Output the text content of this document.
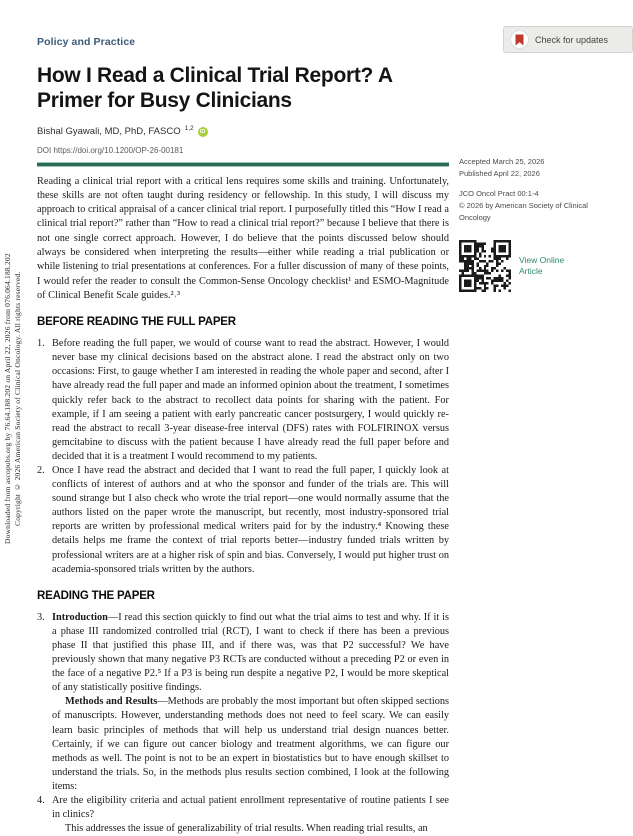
Downloaded from ascopubs.org by 76.64.188.202 on April 22, 2026 from 076.064.188.202 Copyright © 2026 American Society of Clinical Oncology. All rights reserved.
Check for updates
Policy and Practice
How I Read a Clinical Trial Report? A Primer for Busy Clinicians
Bishal Gyawali, MD, PhD, FASCO 1,2	iD
DOI https://doi.org/10.1200/OP-26-00181
Reading a clinical trial report with a critical lens requires some skills and training. Unfortunately, these skills are not often taught during residency or fellowship. In this study, I will discuss my approach to critical appraisal of a cancer clinical trial report. I purposefully titled this “How I read a clinical trial report?” rather than “How to read a clinical trial report?” because I believe that there is not one single correct approach. However, I do believe that the points discussed below should always be considered when interpreting the results—either while reading a trial publication or while listening to trial presentations at conferences. For a fuller discussion of many of these points, I would refer the reader to consult the Common-Sense Oncology checklist¹ and ESMO-Magnitude of Clinical Benefit Scale guides.²˒³
BEFORE READING THE FULL PAPER
1. Before reading the full paper, we would of course want to read the abstract. However, I would never base my clinical decisions based on the abstract alone. I read the abstract only on two occasions: First, to gauge whether I am interested in reading the whole paper and second, after I have already read the full paper and made an informed opinion about the treatment, I sometimes quickly refer back to the abstract to recollect data points for sharing with the patient. For example, if I am seeing a patient with early pancreatic cancer postsurgery, I would quickly re-read the abstract to recall 3-year disease-free interval (DFS) rates with FOLFIRINOX versus gemcitabine to discuss with the patient because I have already read the full paper before and decided that it is a treatment I would recommend to my patients.
2. Once I have read the abstract and decided that I want to read the full paper, I quickly look at conflicts of interest of authors and at who the sponsor and funder of the trials are. This will sound strange but I also check who wrote the trial report—one would normally assume that the authors listed on the paper wrote the manuscript, but recently, most industry-sponsored trial reports are written by professional medical writers paid for by the industry.⁴ Knowing these details helps me frame the context of trial reports better—industry funded trials written by professional writers are at a higher risk of spin and bias. Conversely, I would put higher trust on academia-sponsored trials written by the authors.
READING THE PAPER
3. Introduction—I read this section quickly to find out what the trial aims to test and why. If it is a phase III randomized controlled trial (RCT), I want to check if there has been a previous phase II that justified this phase III, and if there was, was that P2 successful? We have previously shown that many negative P3 RCTs are conducted without a preceding P2 or even in the face of a negative P2.⁵ If a P3 is being run despite a negative P2, I would be more skeptical of any statistically positive findings.
Methods and Results—Methods are probably the most important but often skipped sections of manuscripts. However, understanding methods does not need to feel scary. We can easily learn basic principles of methods that will help us understand trial design nuances better. Certainly, if we can figure out cancer biology and treatment algorithms, we can figure our methods as well. The point is not to be an expert in biostatistics but to have enough skillset to understand the trials. So, in the methods plus results section combined, I look at the following items:
4. Are the eligibility criteria and actual patient enrollment representative of routine patients I see in clinics?
This addresses the issue of generalizability of trial results. When reading trial results, an
Accepted March 25, 2026
Published April 22, 2026
JCO Oncol Pract 00:1-4
© 2026 by American Society of Clinical Oncology
View Online Article
